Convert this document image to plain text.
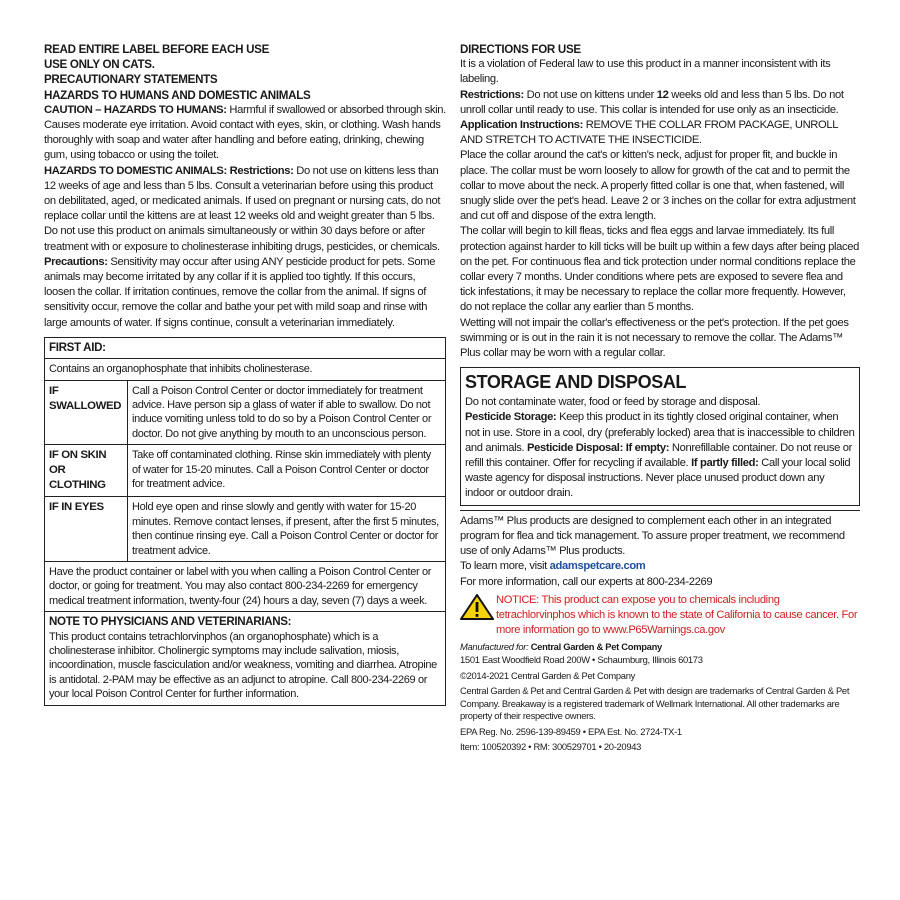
READ ENTIRE LABEL BEFORE EACH USE
USE ONLY ON CATS.
PRECAUTIONARY STATEMENTS
HAZARDS TO HUMANS AND DOMESTIC ANIMALS

CAUTION – HAZARDS TO HUMANS: Harmful if swallowed or absorbed through skin. Causes moderate eye irritation. Avoid contact with eyes, skin, or clothing. Wash hands thoroughly with soap and water after handling and before eating, drinking, chewing gum, using tobacco or using the toilet.

HAZARDS TO DOMESTIC ANIMALS: Restrictions: Do not use on kittens less than 12 weeks of age and less than 5 lbs. Consult a veterinarian before using this product on debilitated, aged, or medicated animals. If used on pregnant or nursing cats, do not replace collar until the kittens are at least 12 weeks old and weight greater than 5 lbs. Do not use this product on animals simultaneously or within 30 days before or after treatment with or exposure to cholinesterase inhibiting drugs, pesticides, or chemicals.

Precautions: Sensitivity may occur after using ANY pesticide product for pets. Some animals may become irritated by any collar if it is applied too tightly. If this occurs, loosen the collar. If irritation continues, remove the collar from the animal. If signs of sensitivity occur, remove the collar and bathe your pet with mild soap and rinse with large amounts of water. If signs continue, consult a veterinarian immediately.

FIRST AID:	
Contains an organophosphate that inhibits cholinesterase.	
IF SWALLOWED	Call a Poison Control Center or doctor immediately for treatment advice. Have person sip a glass of water if able to swallow. Do not induce vomiting unless told to do so by a Poison Control Center or doctor. Do not give anything by mouth to an unconscious person.
IF ON SKIN OR CLOTHING	Take off contaminated clothing. Rinse skin immediately with plenty of water for 15-20 minutes. Call a Poison Control Center or doctor for treatment advice.
IF IN EYES	Hold eye open and rinse slowly and gently with water for 15-20 minutes. Remove contact lenses, if present, after the first 5 minutes, then continue rinsing eye. Call a Poison Control Center or doctor for treatment advice.
Have the product container or label with you when calling a Poison Control Center or doctor, or going for treatment. You may also contact 800-234-2269 for emergency medical treatment information, twenty-four (24) hours a day, seven (7) days a week.	

NOTE TO PHYSICIANS AND VETERINARIANS:
This product contains tetrachlorvinphos (an organophosphate) which is a cholinesterase inhibitor. Cholinergic symptoms may include salivation, miosis, incoordination, muscle fasciculation and/or weakness, vomiting and diarrhea. Atropine is antidotal. 2-PAM may be effective as an adjunct to atropine. Call 800-234-2269 or your local Poison Control Center for further information.	
DIRECTIONS FOR USE

It is a violation of Federal law to use this product in a manner inconsistent with its labeling.

Restrictions: Do not use on kittens under 12 weeks old and less than 5 lbs. Do not unroll collar until ready to use. This collar is intended for use only as an insecticide.

Application Instructions: REMOVE THE COLLAR FROM PACKAGE, UNROLL AND STRETCH TO ACTIVATE THE INSECTICIDE.

Place the collar around the cat's or kitten's neck, adjust for proper fit, and buckle in place. The collar must be worn loosely to allow for growth of the cat and to permit the collar to move about the neck. A properly fitted collar is one that, when fastened, will snugly slide over the pet's head. Leave 2 or 3 inches on the collar for extra adjustment and cut off and dispose of the extra length.

The collar will begin to kill fleas, ticks and flea eggs and larvae immediately. Its full protection against harder to kill ticks will be built up within a few days after being placed on the pet. For continuous flea and tick protection under normal conditions replace the collar every 7 months. Under conditions where pets are exposed to severe flea and tick infestations, it may be necessary to replace the collar more frequently. However, do not replace the collar any earlier than 5 months.

Wetting will not impair the collar's effectiveness or the pet's protection. If the pet goes swimming or is out in the rain it is not necessary to remove the collar. The Adams™ Plus collar may be worn with a regular collar.

STORAGE AND DISPOSAL

Do not contaminate water, food or feed by storage and disposal.

Pesticide Storage: Keep this product in its tightly closed original container, when not in use. Store in a cool, dry (preferably locked) area that is inaccessible to children and animals. Pesticide Disposal: If empty: Nonrefillable container. Do not reuse or refill this container. Offer for recycling if available. If partly filled: Call your local solid waste agency for disposal instructions. Never place unused product down any indoor or outdoor drain.

Adams™ Plus products are designed to complement each other in an integrated program for flea and tick management. To assure proper treatment, we recommend use of only Adams™ Plus products.

To learn more, visit adamspetcare.com

For more information, call our experts at 800-234-2269

NOTICE: This product can expose you to chemicals including tetrachlorvinphos which is known to the state of California to cause cancer. For more information go to www.P65Warnings.ca.gov

Manufactured for: Central Garden & Pet Company

1501 East Woodfield Road 200W • Schaumburg, Illinois 60173

©2014-2021 Central Garden & Pet Company

Central Garden & Pet and Central Garden & Pet with design are trademarks of Central Garden & Pet Company. Breakaway is a registered trademark of Wellmark International. All other trademarks are property of their respective owners.

EPA Reg. No. 2596-139-89459 • EPA Est. No. 2724-TX-1

Item: 100520392 • RM: 300529701 • 20-20943
